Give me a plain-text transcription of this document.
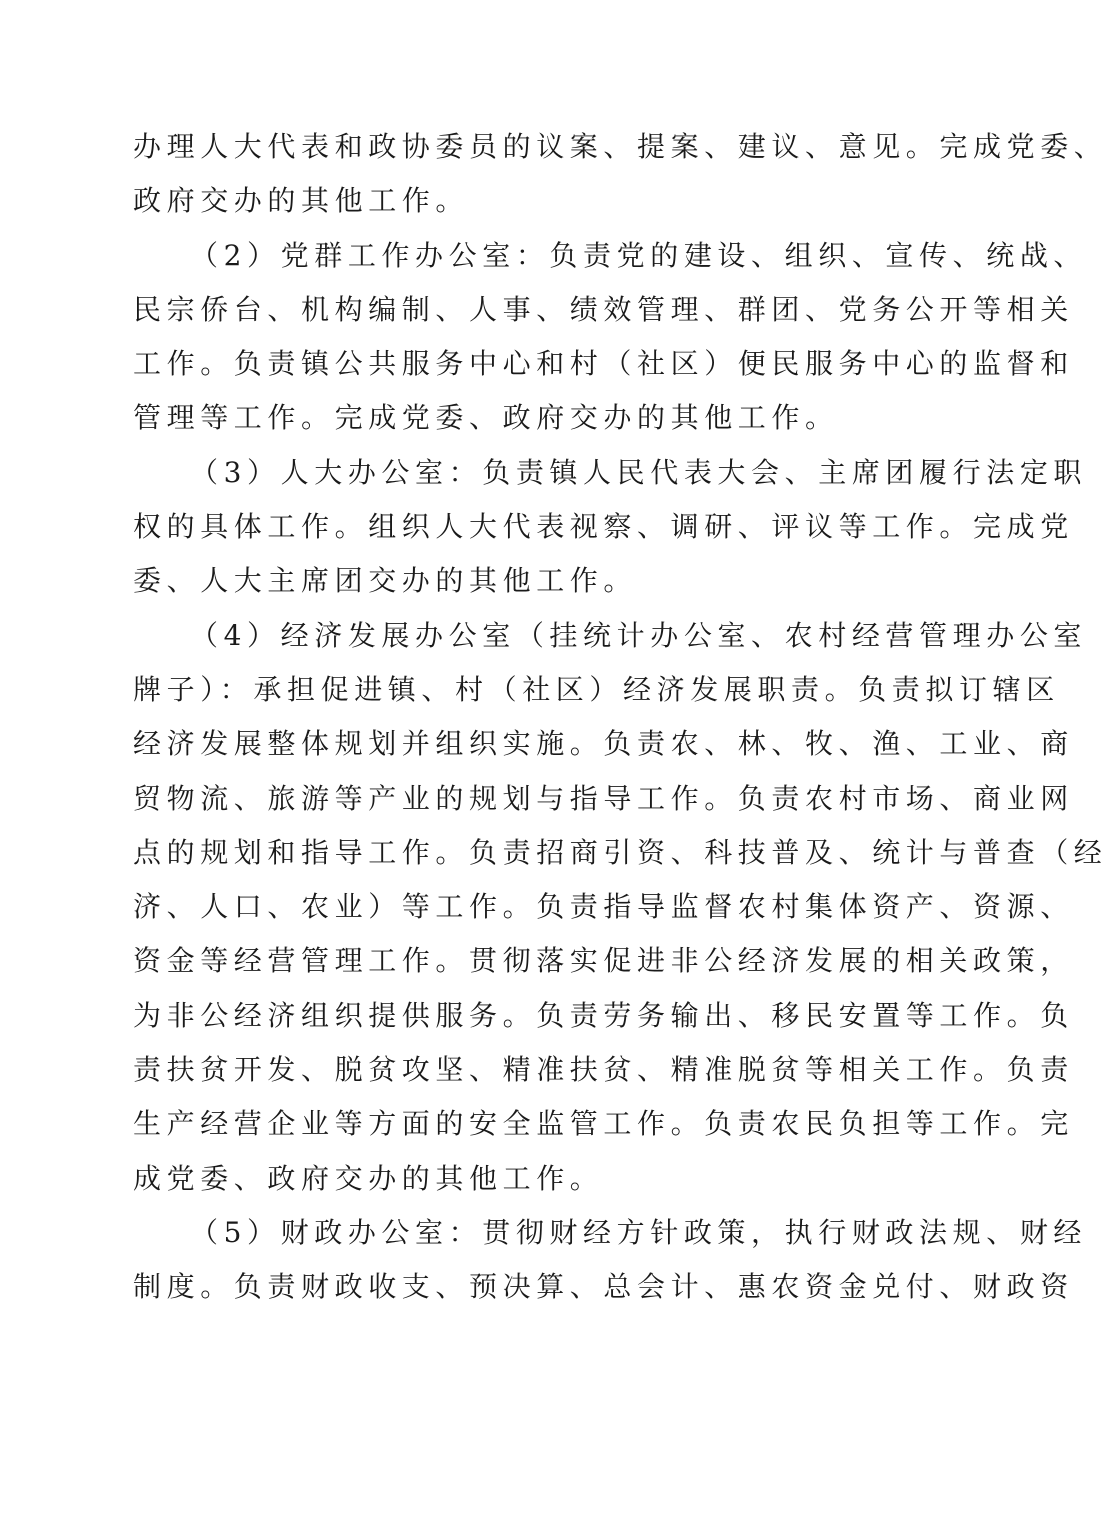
办理人大代表和政协委员的议案、提案、建议、意见。完成党委、
政府交办的其他工作。
（2）党群工作办公室：负责党的建设、组织、宣传、统战、
民宗侨台、机构编制、人事、绩效管理、群团、党务公开等相关
工作。负责镇公共服务中心和村（社区）便民服务中心的监督和
管理等工作。完成党委、政府交办的其他工作。
（3）人大办公室：负责镇人民代表大会、主席团履行法定职
权的具体工作。组织人大代表视察、调研、评议等工作。完成党
委、人大主席团交办的其他工作。
（4）经济发展办公室（挂统计办公室、农村经营管理办公室
牌子）：承担促进镇、村（社区）经济发展职责。负责拟订辖区
经济发展整体规划并组织实施。负责农、林、牧、渔、工业、商
贸物流、旅游等产业的规划与指导工作。负责农村市场、商业网
点的规划和指导工作。负责招商引资、科技普及、统计与普查（经
济、人口、农业）等工作。负责指导监督农村集体资产、资源、
资金等经营管理工作。贯彻落实促进非公经济发展的相关政策，
为非公经济组织提供服务。负责劳务输出、移民安置等工作。负
责扶贫开发、脱贫攻坚、精准扶贫、精准脱贫等相关工作。负责
生产经营企业等方面的安全监管工作。负责农民负担等工作。完
成党委、政府交办的其他工作。
（5）财政办公室：贯彻财经方针政策，执行财政法规、财经
制度。负责财政收支、预决算、总会计、惠农资金兑付、财政资
